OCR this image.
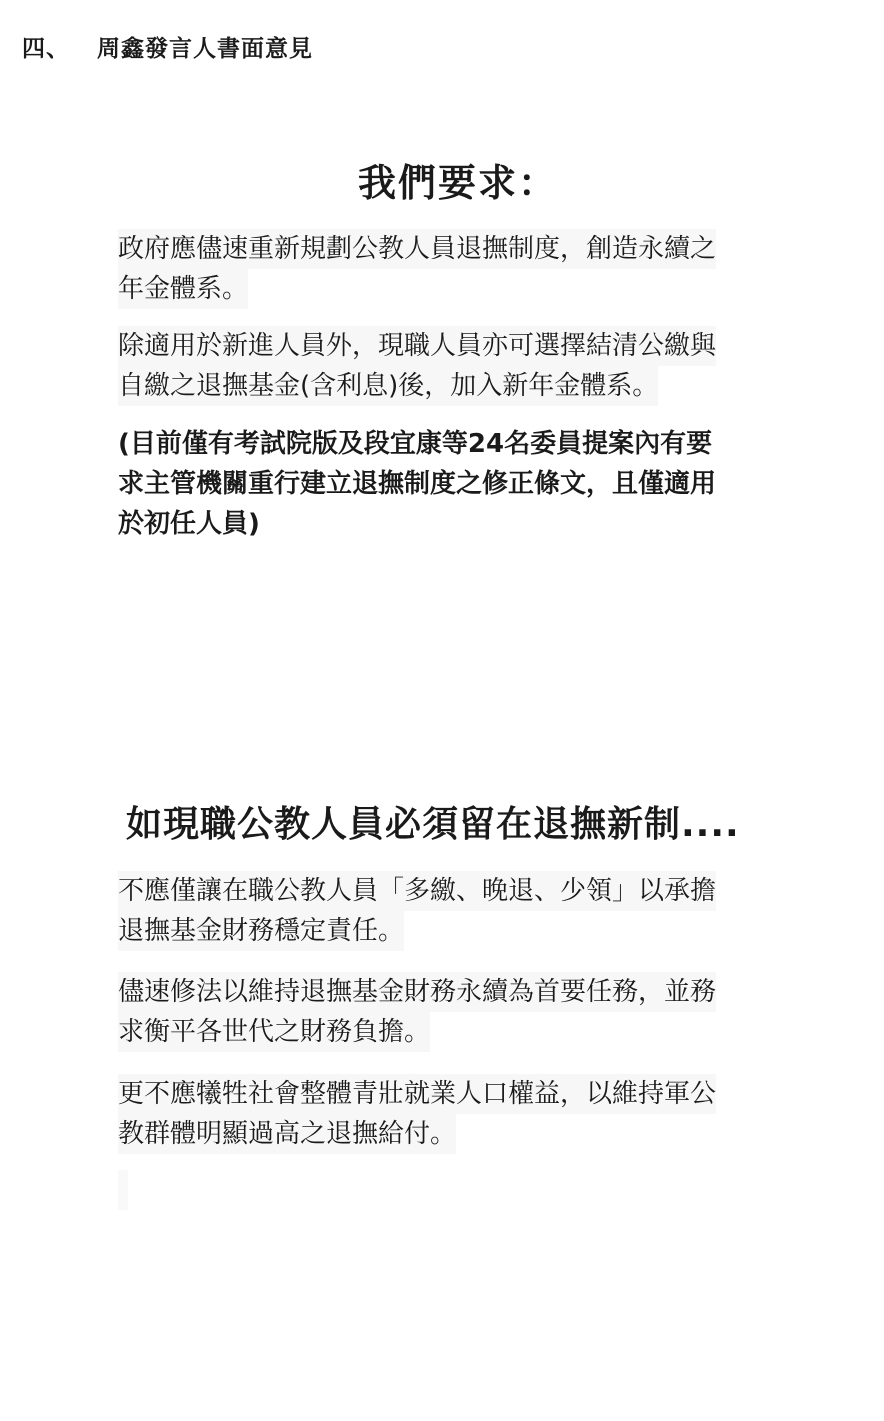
四、 周鑫發言人書面意見
我們要求：
政府應儘速重新規劃公教人員退撫制度，創造永續之
年金體系。
除適用於新進人員外，現職人員亦可選擇結清公繳與
自繳之退撫基金(含利息)後，加入新年金體系。
(目前僅有考試院版及段宜康等24名委員提案內有要
求主管機關重行建立退撫制度之修正條文，且僅適用
於初任人員)
如現職公教人員必須留在退撫新制....
不應僅讓在職公教人員「多繳、晚退、少領」以承擔
退撫基金財務穩定責任。
儘速修法以維持退撫基金財務永續為首要任務，並務
求衡平各世代之財務負擔。
更不應犧牲社會整體青壯就業人口權益，以維持軍公
教群體明顯過高之退撫給付。
